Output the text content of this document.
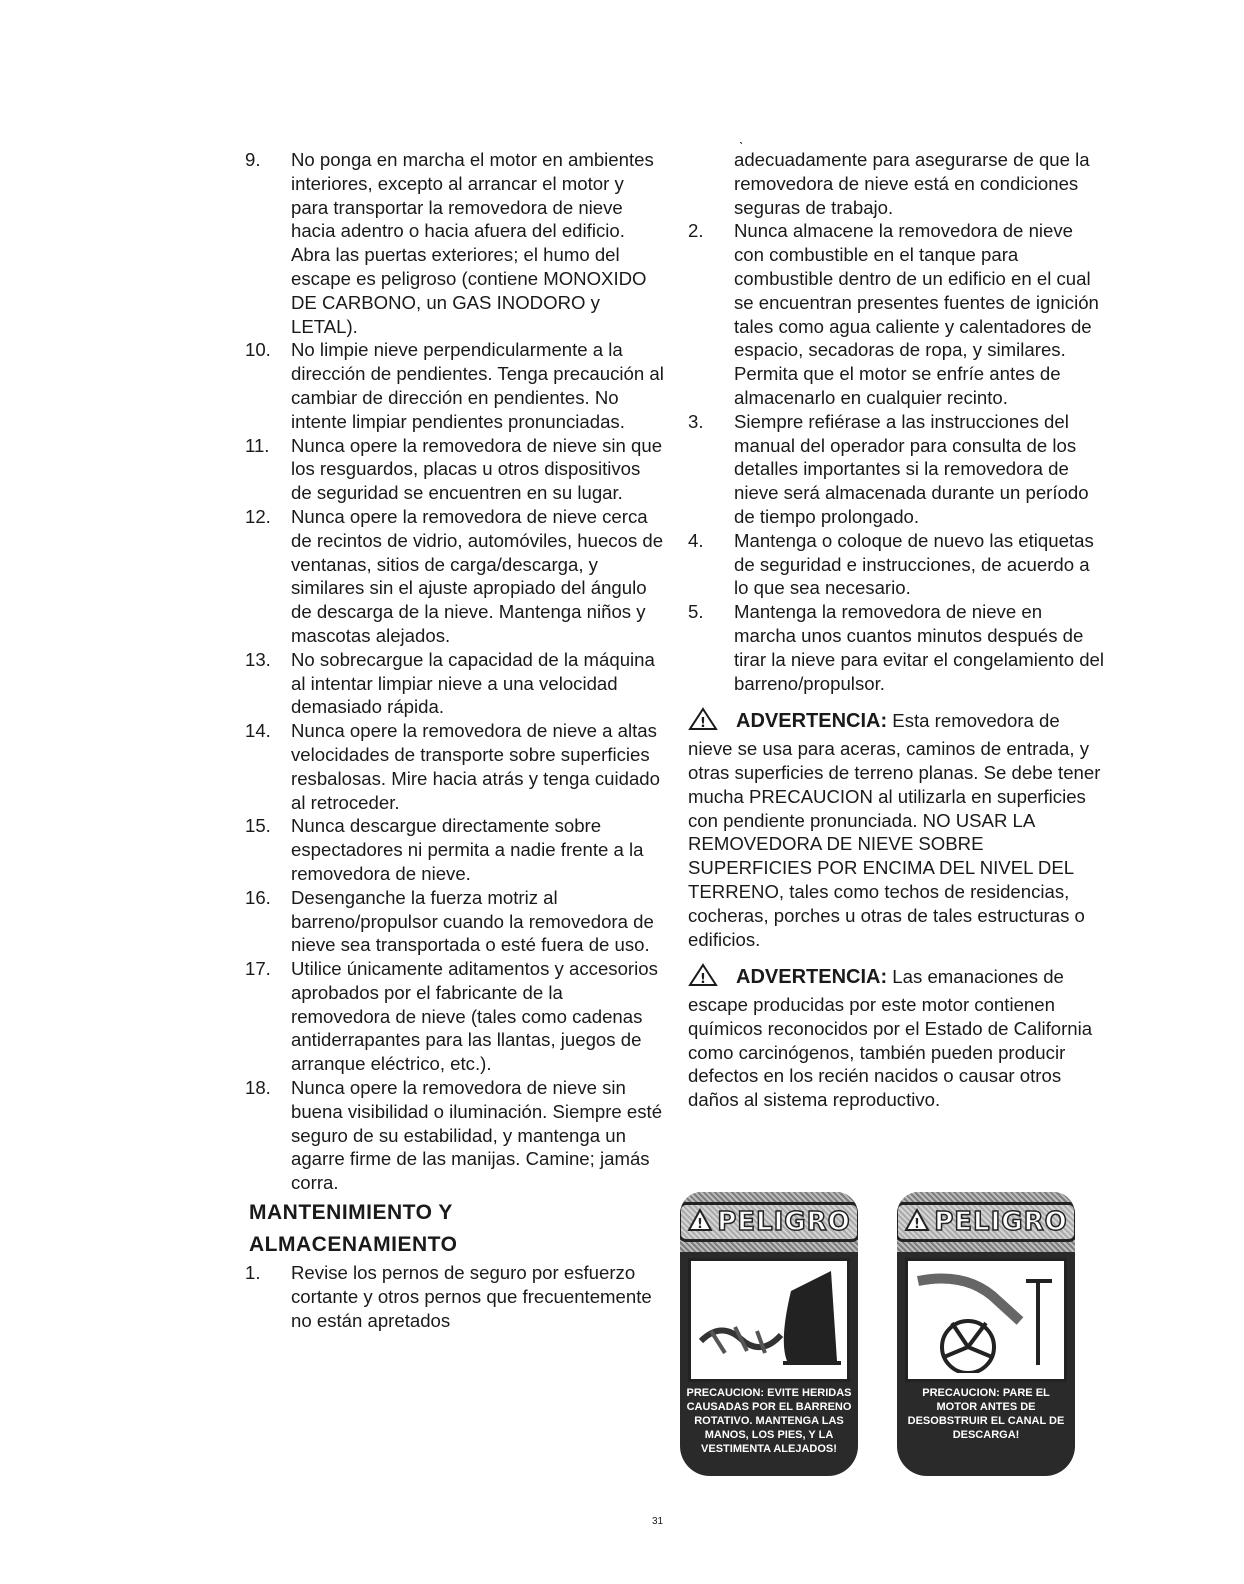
ˎ
9. No ponga en marcha el motor en ambientes interiores, excepto al arrancar el motor y para transportar la removedora de nieve hacia adentro o hacia afuera del edificio. Abra las puertas exteriores; el humo del escape es peligroso (contiene MONOXIDO DE CARBONO, un GAS INODORO y LETAL).
10. No limpie nieve perpendicularmente a la dirección de pendientes. Tenga precaución al cambiar de dirección en pendientes. No intente limpiar pendientes pronunciadas.
11. Nunca opere la removedora de nieve sin que los resguardos, placas u otros dispositivos de seguridad se encuentren en su lugar.
12. Nunca opere la removedora de nieve cerca de recintos de vidrio, automóviles, huecos de ventanas, sitios de carga/descarga, y similares sin el ajuste apropiado del ángulo de descarga de la nieve. Mantenga niños y mascotas alejados.
13. No sobrecargue la capacidad de la máquina al intentar limpiar nieve a una velocidad demasiado rápida.
14. Nunca opere la removedora de nieve a altas velocidades de transporte sobre superficies resbalosas. Mire hacia atrás y tenga cuidado al retroceder.
15. Nunca descargue directamente sobre espectadores ni permita a nadie frente a la removedora de nieve.
16. Desenganche la fuerza motriz al barreno/propulsor cuando la removedora de nieve sea transportada o esté fuera de uso.
17. Utilice únicamente aditamentos y accesorios aprobados por el fabricante de la removedora de nieve (tales como cadenas antiderrapantes para las llantas, juegos de arranque eléctrico, etc.).
18. Nunca opere la removedora de nieve sin buena visibilidad o iluminación. Siempre esté seguro de su estabilidad, y mantenga un agarre firme de las manijas. Camine; jamás corra.
MANTENIMIENTO Y
ALMACENAMIENTO
1. Revise los pernos de seguro por esfuerzo cortante y otros pernos que frecuentemente no están apretados
adecuadamente para asegurarse de que la removedora de nieve está en condiciones seguras de trabajo.
2. Nunca almacene la removedora de nieve con combustible en el tanque para combustible dentro de un edificio en el cual se encuentran presentes fuentes de ignición tales como agua caliente y calentadores de espacio, secadoras de ropa, y similares. Permita que el motor se enfríe antes de almacenarlo en cualquier recinto.
3. Siempre refiérase a las instrucciones del manual del operador para consulta de los detalles importantes si la removedora de nieve será almacenada durante un período de tiempo prolongado.
4. Mantenga o coloque de nuevo las etiquetas de seguridad e instrucciones, de acuerdo a lo que sea necesario.
5. Mantenga la removedora de nieve en marcha unos cuantos minutos después de tirar la nieve para evitar el congelamiento del barreno/propulsor.
! ADVERTENCIA: Esta removedora de nieve se usa para aceras, caminos de entrada, y otras superficies de terreno planas. Se debe tener mucha PRECAUCION al utilizarla en superficies con pendiente pronunciada. NO USAR LA REMOVEDORA DE NIEVE SOBRE SUPERFICIES POR ENCIMA DEL NIVEL DEL TERRENO, tales como techos de residencias, cocheras, porches u otras de tales estructuras o edificios.
! ADVERTENCIA: Las emanaciones de escape producidas por este motor contienen químicos reconocidos por el Estado de California como carcinógenos, también pueden producir defectos en los recién nacidos o causar otros daños al sistema reproductivo.
! PELIGRO
PRECAUCION: EVITE HERIDAS CAUSADAS POR EL BARRENO ROTATIVO. MANTENGA LAS MANOS, LOS PIES, Y LA VESTIMENTA ALEJADOS!
! PELIGRO
PRECAUCION: PARE EL MOTOR ANTES DE DESOBSTRUIR EL CANAL DE DESCARGA!
31
